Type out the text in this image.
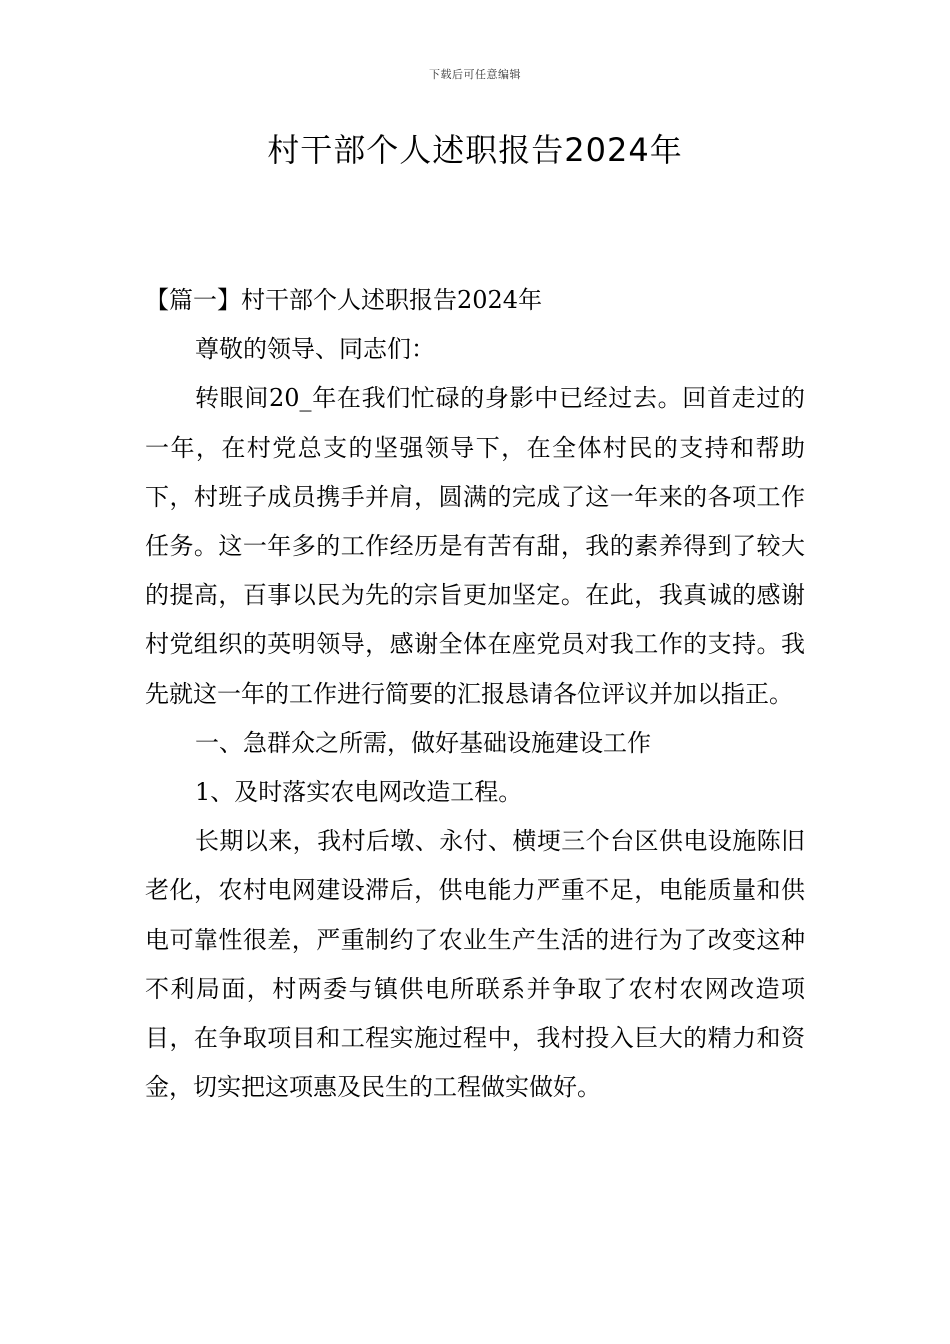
下载后可任意编辑
村干部个人述职报告2024年

【篇一】村干部个人述职报告2024年

尊敬的领导、同志们：

转眼间20_年在我们忙碌的身影中已经过去。回首走过的一年，在村党总支的坚强领导下，在全体村民的支持和帮助下，村班子成员携手并肩，圆满的完成了这一年来的各项工作任务。这一年多的工作经历是有苦有甜，我的素养得到了较大的提高，百事以民为先的宗旨更加坚定。在此，我真诚的感谢村党组织的英明领导，感谢全体在座党员对我工作的支持。我先就这一年的工作进行简要的汇报恳请各位评议并加以指正。

一、急群众之所需，做好基础设施建设工作

1、及时落实农电网改造工程。

长期以来，我村后墩、永付、横埂三个台区供电设施陈旧老化，农村电网建设滞后，供电能力严重不足，电能质量和供电可靠性很差，严重制约了农业生产生活的进行为了改变这种不利局面，村两委与镇供电所联系并争取了农村农网改造项目，在争取项目和工程实施过程中，我村投入巨大的精力和资金，切实把这项惠及民生的工程做实做好。
